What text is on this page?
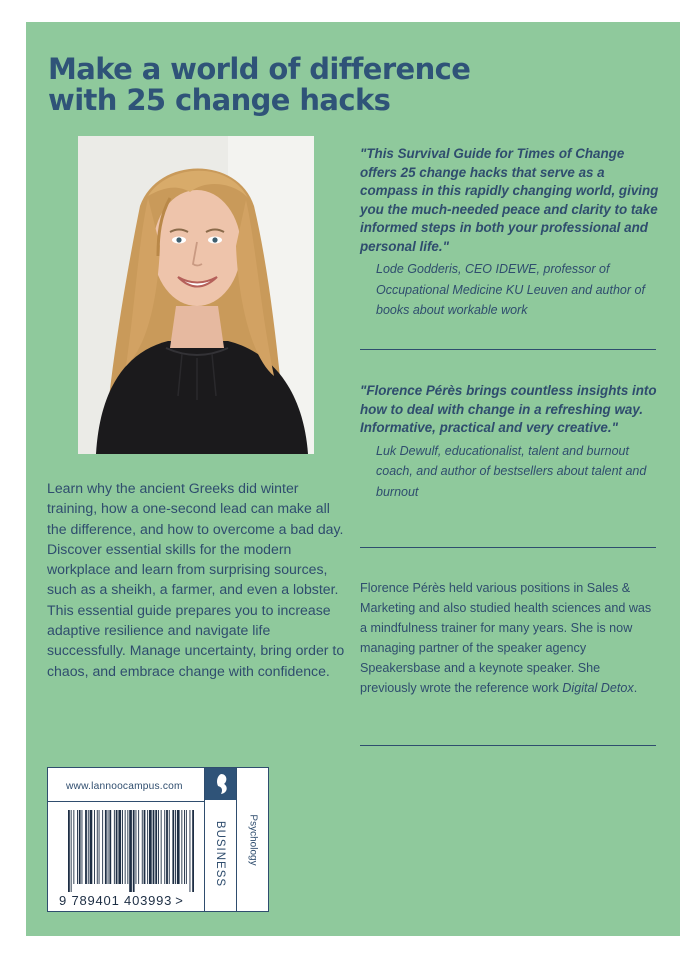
Make a world of difference
with 25 change hacks

"This Survival Guide for Times of Change offers 25 change hacks that serve as a compass in this rapidly changing world, giving you the much-needed peace and clarity to take informed steps in both your professional and personal life."

Lode Godderis, CEO IDEWE, professor of Occupational Medicine KU Leuven and author of books about workable work

"Florence Pérès brings countless insights into how to deal with change in a refreshing way. Informative, practical and very creative."

Luk Dewulf, educationalist, talent and burnout coach, and author of bestsellers about talent and burnout

Learn why the ancient Greeks did winter training, how a one-second lead can make all the difference, and how to overcome a bad day. Discover essential skills for the modern workplace and learn from surprising sources, such as a sheikh, a farmer, and even a lobster. This essential guide prepares you to increase adaptive resilience and navigate life successfully. Manage uncertainty, bring order to chaos, and embrace change with confidence.

Florence Pérès held various positions in Sales & Marketing and also studied health sciences and was a mindfulness trainer for many years. She is now managing partner of the speaker agency Speakersbase and a keynote speaker. She previously wrote the reference work Digital Detox.

www.lannoocampus.com
BUSINESS Psychology
9 789401 403993 >
